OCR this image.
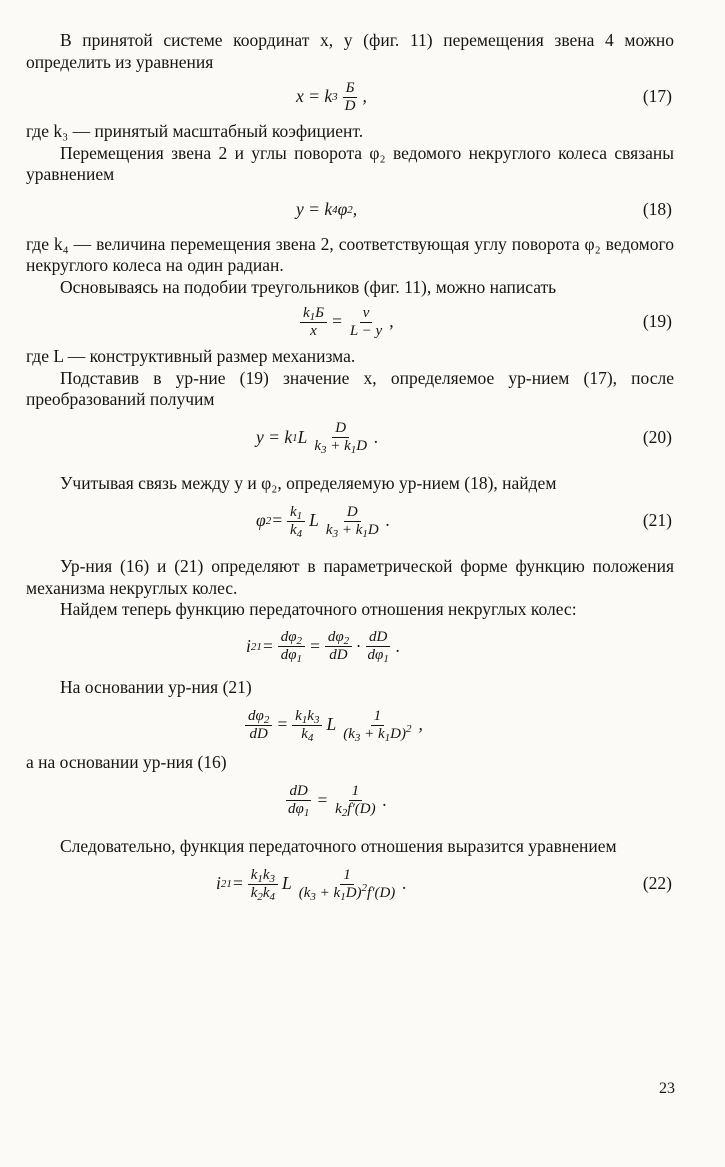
В принятой системе координат x, y (фиг. 11) перемещения звена 4 можно определить из уравнения

x = k $3 \frac{Б}{D}$ ,	(17)

где k₃ — принятый масштабный коэфициент.

Перемещения звена 2 и углы поворота φ₂ ведомого некруглого колеса связаны уравнением

y = k 4 φ 2 ,	(18)

где k₄ — величина перемещения звена 2, соответствующая углу поворота φ₂ ведомого некруглого колеса на один радиан.

Основываясь на подобии треугольников (фиг. 11), можно написать

$\frac{k_1Б}{x} = \frac{v}{L - y}$ ,	(19)

где L — конструктивный размер механизма.

Подставив в ур-ние (19) значение x, определяемое ур-нием (17), после преобразований получим

y = k 1 L $\frac{D}{k_3 + k_1D}$ .	(20)

Учитывая связь между y и φ₂, определяемую ур-нием (18), найдем

φ $2 = \frac{k_1}{k_4}$ L $\frac{D}{k_3 + k_1D}$ .	(21)

Ур-ния (16) и (21) определяют в параметрической форме функцию положения механизма некруглых колес.

Найдем теперь функцию передаточного отношения некруглых колес:

i $21 = \frac{d\varphi_2}{d\varphi_1} = \frac{d\varphi_2}{dD} \cdot \frac{dD}{d\varphi_1}$ .

На основании ур-ния (21)

$\frac{d\varphi_2}{dD} = \frac{k_1k_3}{k_4}$ L $\frac{1}{(k_3 + k_1D)^2}$ ,

а на основании ур-ния (16)

$\frac{dD}{d\varphi_1} = \frac{1}{k_2f'(D)}$ .

Следовательно, функция передаточного отношения выразится уравнением

i $21 = \frac{k_1k_3}{k_2k_4}$ L $\frac{1}{(k_3 + k_1D)^2f'(D)}$ .	(22)
23
